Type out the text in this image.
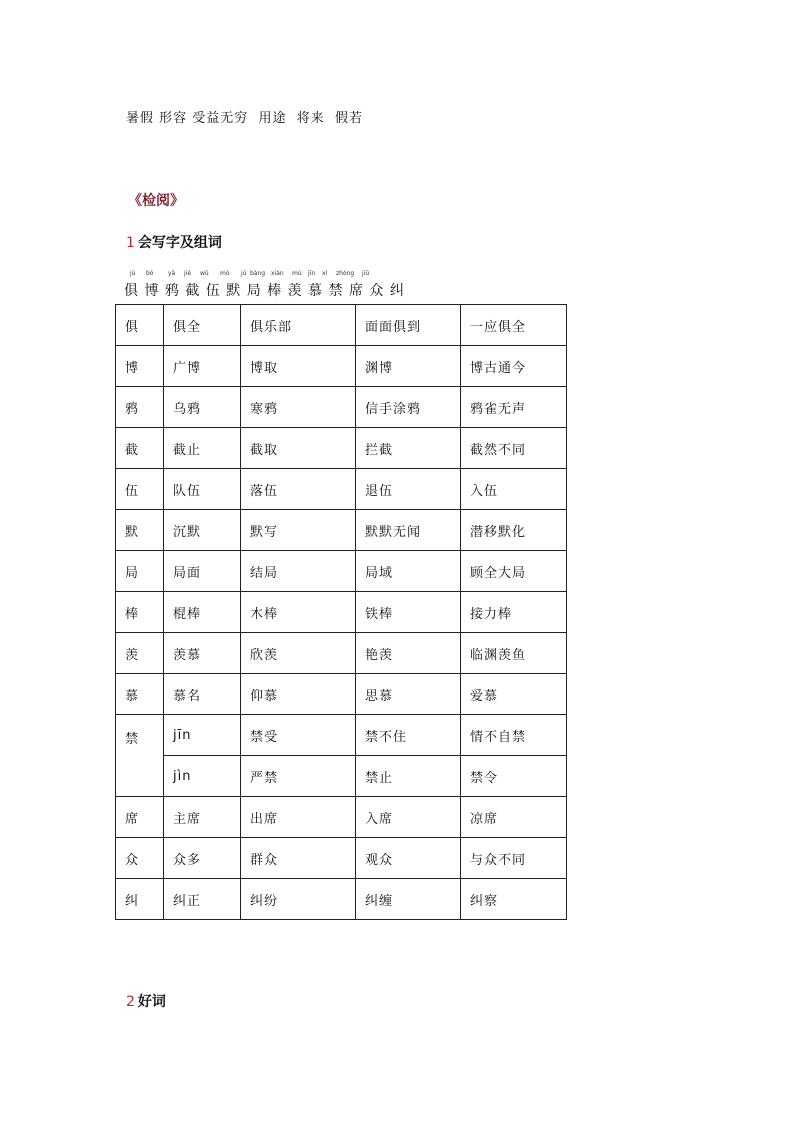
暑假 形容 受益无穷  用途  将来  假若
《检阅》
1 会写字及组词
jù bó yā jié wǔ mò jú bàng xiàn mù jīn xí zhòng jiū
俱 博 鸦 截 伍 默 局 棒 羡 慕 禁 席 众 纠
俱	俱全	俱乐部	面面俱到	一应俱全
博	广博	博取	渊博	博古通今
鸦	乌鸦	寒鸦	信手涂鸦	鸦雀无声
截	截止	截取	拦截	截然不同
伍	队伍	落伍	退伍	入伍
默	沉默	默写	默默无闻	潜移默化
局	局面	结局	局域	顾全大局
棒	棍棒	木棒	铁棒	接力棒
羡	羡慕	欣羡	艳羡	临渊羡鱼
慕	慕名	仰慕	思慕	爱慕
禁	jīn	禁受	禁不住	情不自禁
	jìn	严禁	禁止	禁令
席	主席	出席	入席	凉席
众	众多	群众	观众	与众不同
纠	纠正	纠纷	纠缠	纠察
2 好词
